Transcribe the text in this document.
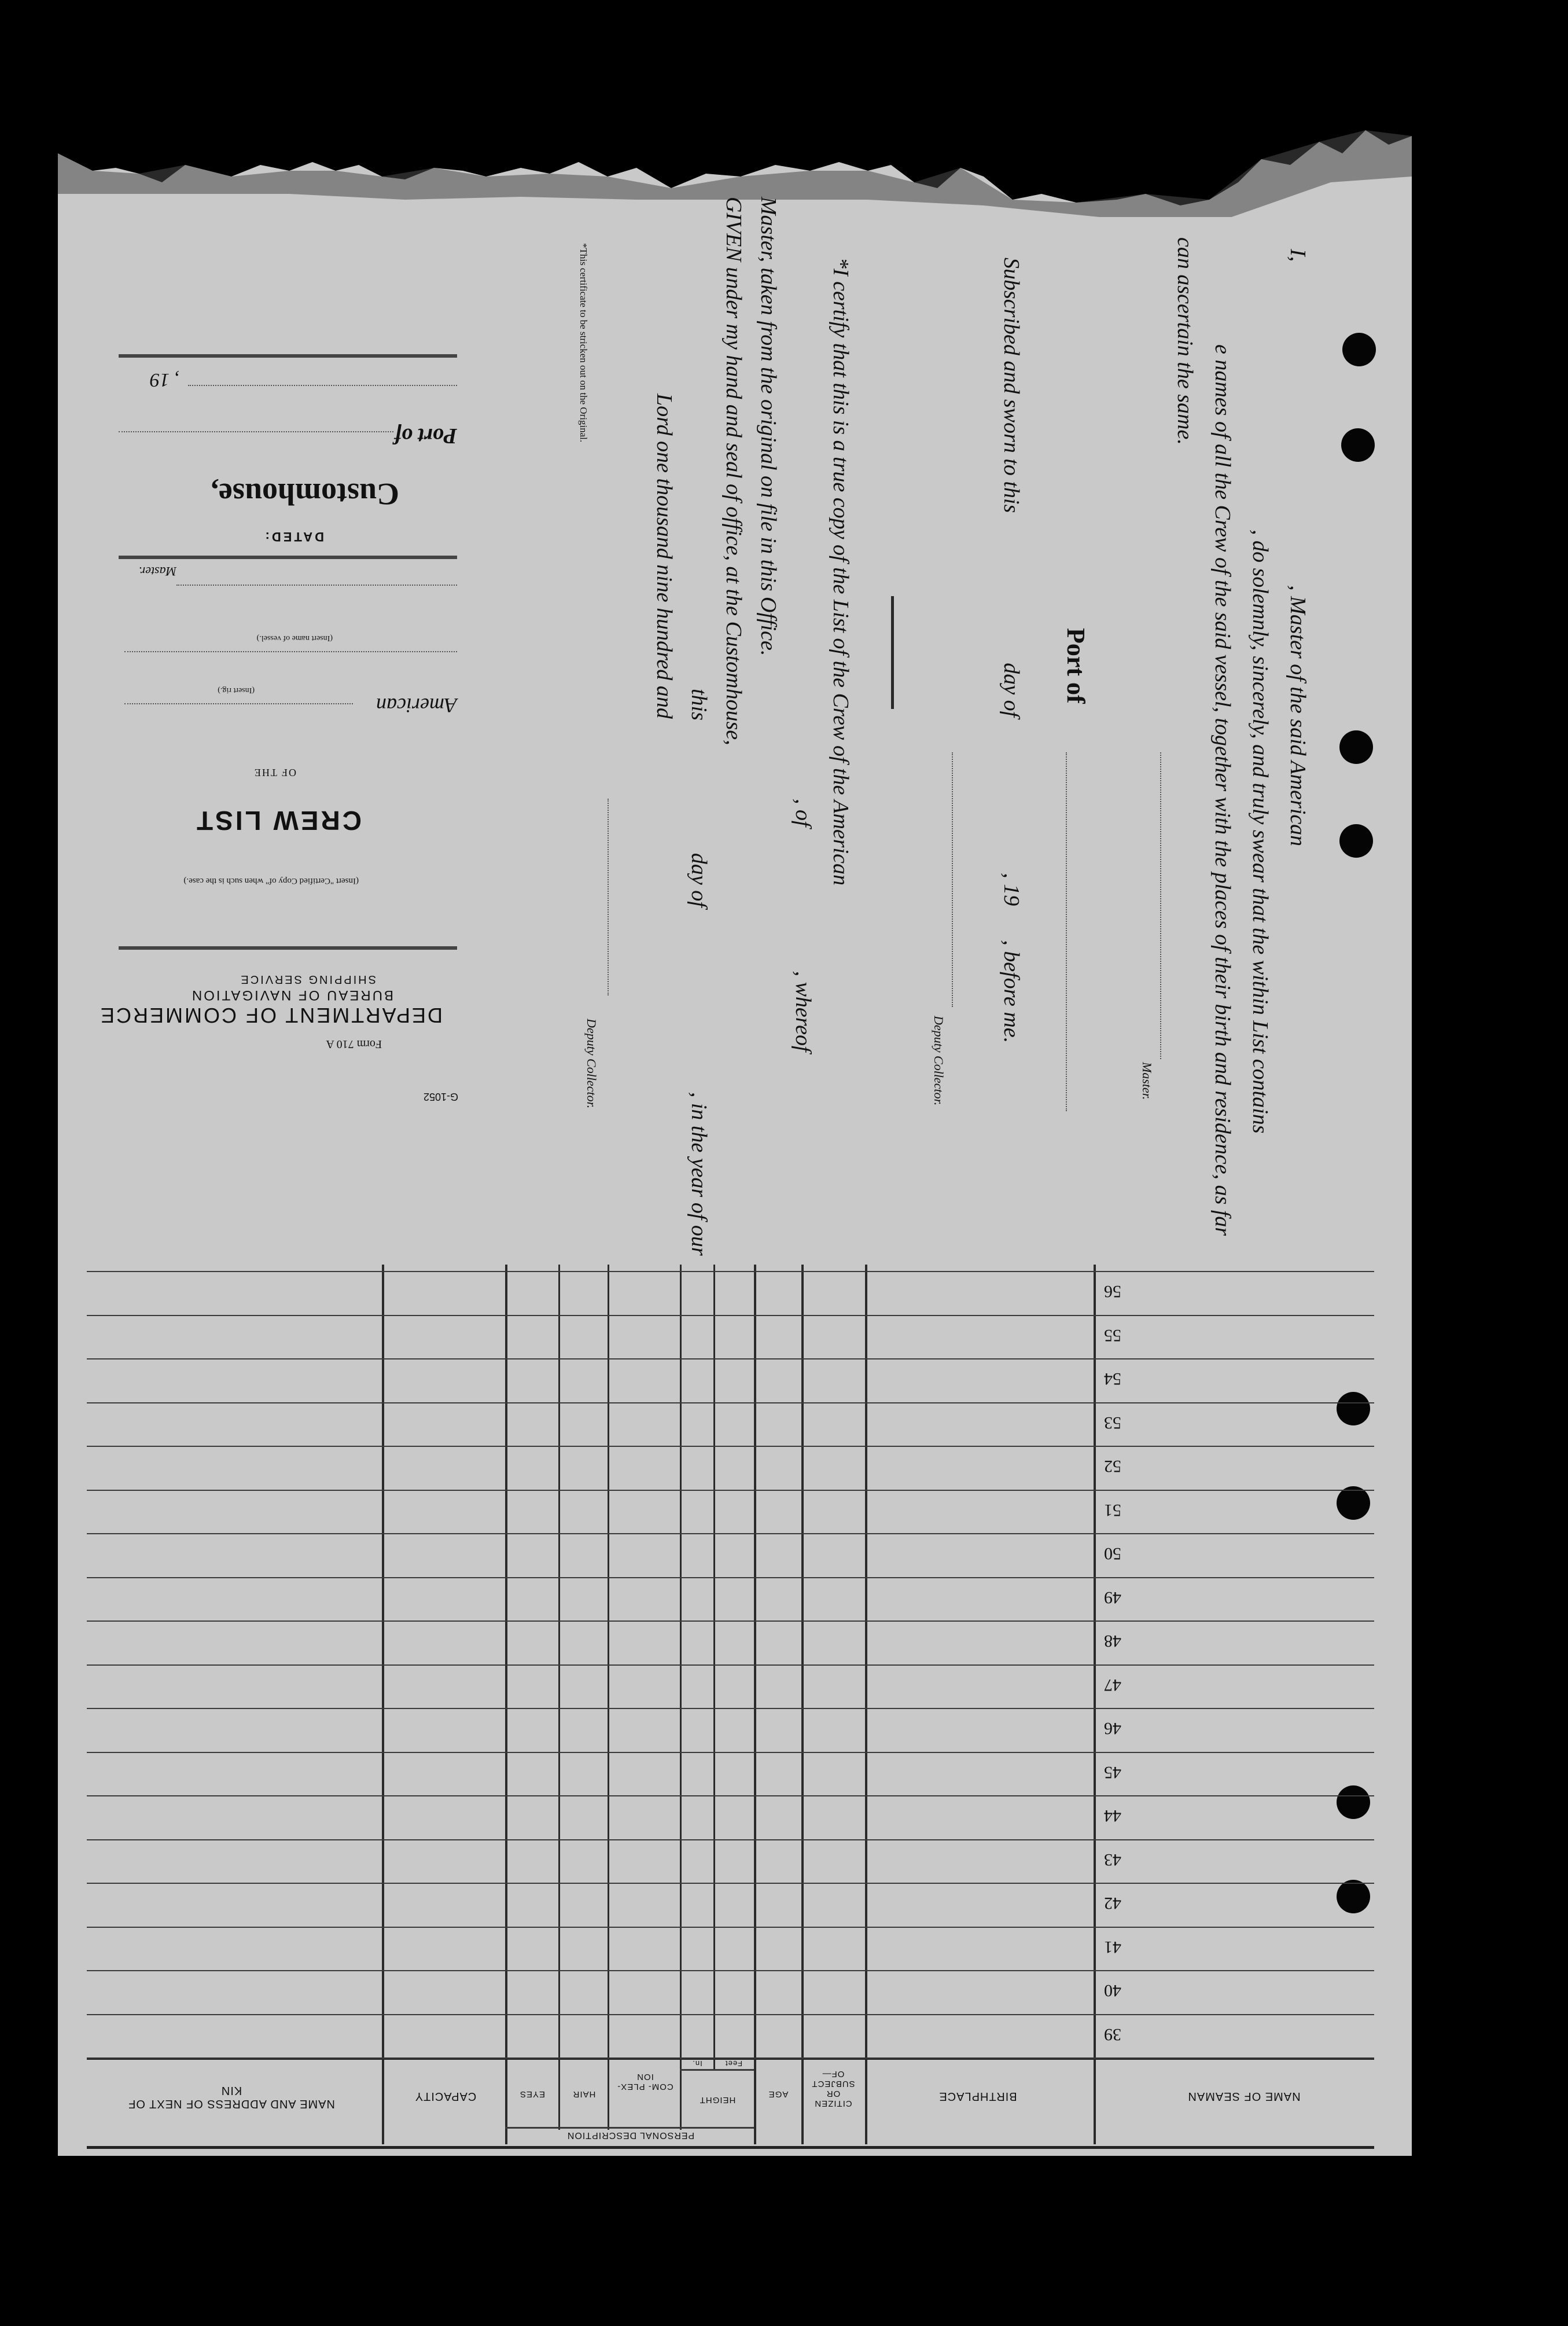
I,  , Master of the said American
, do solemnly, sincerely, and truly swear that the within List contains
e names of all the Crew of the said vessel, together with the places of their birth and residence, as far
can ascertain the same.
Master.
Port of
Subscribed and sworn to this  day of  , 19  , before me.
Deputy Collector.
*I certify that this is a true copy of the List of the Crew of the American
, of  , whereof
Master, taken from the original on file in this Office.
GIVEN under my hand and seal of office, at the Customhouse,
this  day of  , in the year of our
Lord one thousand nine hundred and
Deputy Collector.
*This certificate to be stricken out on the Original.
G-1052
Form 710 A
DEPARTMENT OF COMMERCE
BUREAU OF NAVIGATION
SHIPPING SERVICE
(Insert "Certified Copy of" when such is the case.)
CREW LIST
OF THE
American
(Insert rig.)
(Insert name of vessel.)
Master.
DATED:
Customhouse,
Port of
, 19
39
40
41
42
43
44
45
46
47
48
49
50
51
52
53
54
55
56
NAME OF SEAMAN
BIRTHPLACE
CITIZEN OR SUBJECT OF—
AGE
PERSONAL DESCRIPTION
HEIGHT
Feet
In.
COM- PLEX- ION
HAIR
EYES
CAPACITY
NAME AND ADDRESS OF NEXT OF KIN
